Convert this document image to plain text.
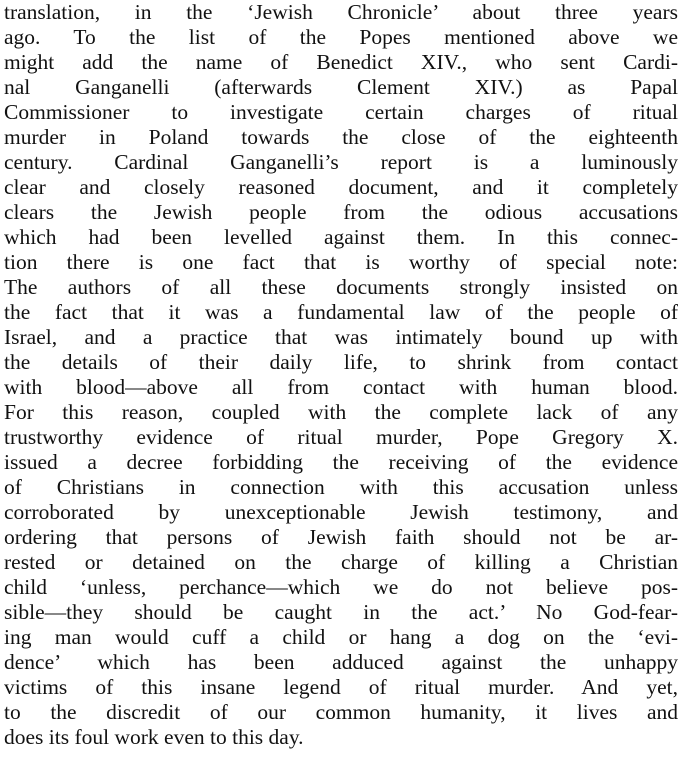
translation, in the ‘Jewish Chronicle’ about three years
ago. To the list of the Popes mentioned above we
might add the name of Benedict XIV., who sent Cardi-
nal Ganganelli (afterwards Clement XIV.) as Papal
Commissioner to investigate certain charges of ritual
murder in Poland towards the close of the eighteenth
century. Cardinal Ganganelli’s report is a luminously
clear and closely reasoned document, and it completely
clears the Jewish people from the odious accusations
which had been levelled against them. In this connec-
tion there is one fact that is worthy of special note:
The authors of all these documents strongly insisted on
the fact that it was a fundamental law of the people of
Israel, and a practice that was intimately bound up with
the details of their daily life, to shrink from contact
with blood—above all from contact with human blood.
For this reason, coupled with the complete lack of any
trustworthy evidence of ritual murder, Pope Gregory X.
issued a decree forbidding the receiving of the evidence
of Christians in connection with this accusation unless
corroborated by unexceptionable Jewish testimony, and
ordering that persons of Jewish faith should not be ar-
rested or detained on the charge of killing a Christian
child ‘unless, perchance—which we do not believe pos-
sible—they should be caught in the act.’ No God-fear-
ing man would cuff a child or hang a dog on the ‘evi-
dence’ which has been adduced against the unhappy
victims of this insane legend of ritual murder. And yet,
to the discredit of our common humanity, it lives and
does its foul work even to this day.
